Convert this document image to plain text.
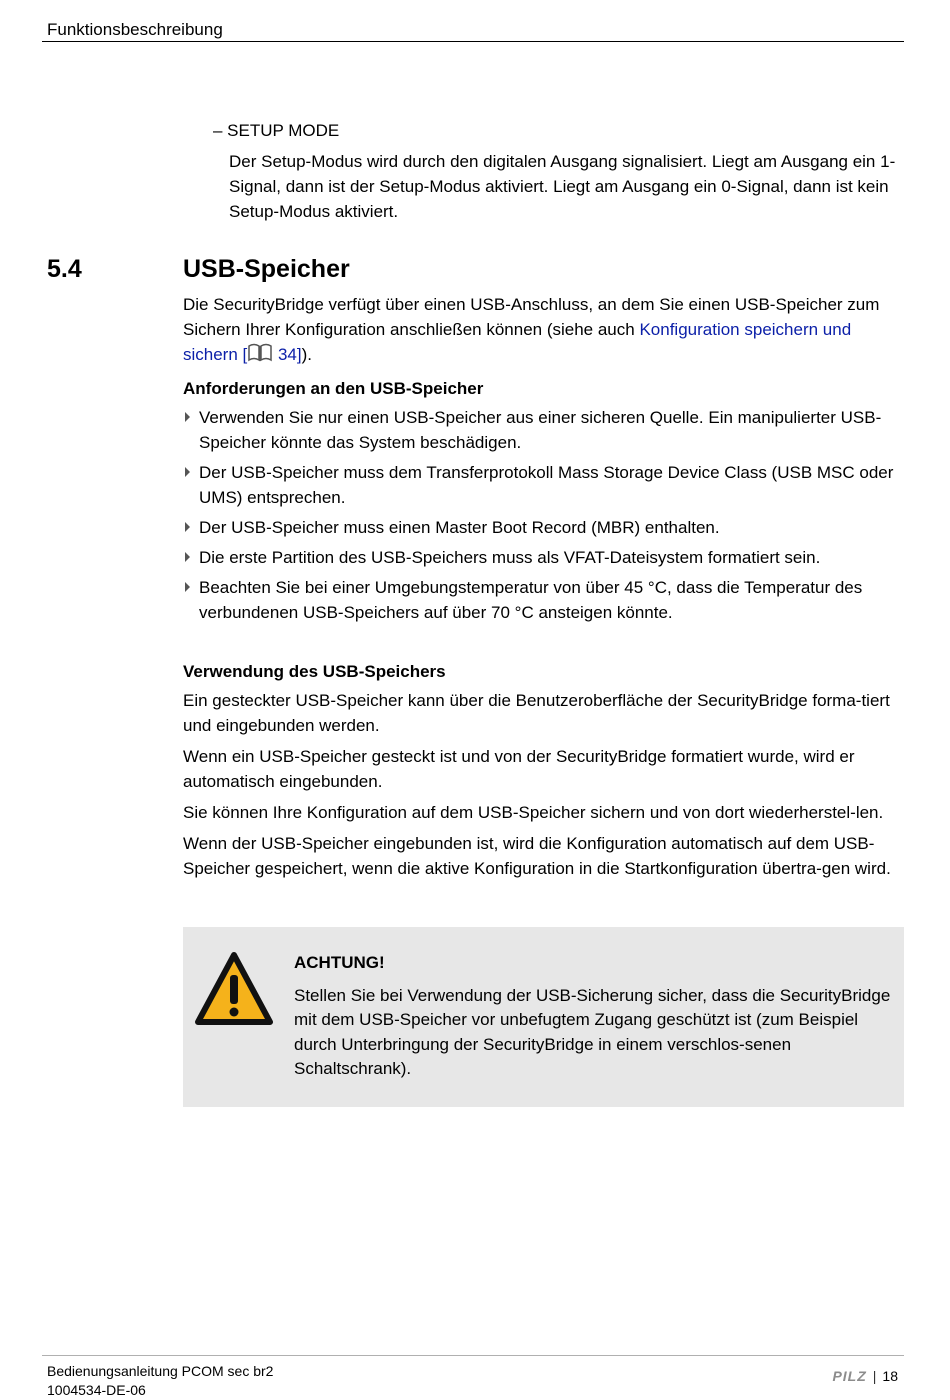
Funktionsbeschreibung
– SETUP MODE
Der Setup-Modus wird durch den digitalen Ausgang signalisiert. Liegt am Ausgang ein 1-Signal, dann ist der Setup-Modus aktiviert. Liegt am Ausgang ein 0-Signal, dann ist kein Setup-Modus aktiviert.
5.4	USB-Speicher

Die SecurityBridge verfügt über einen USB-Anschluss, an dem Sie einen USB-Speicher zum Sichern Ihrer Konfiguration anschließen können (siehe auch Konfiguration speichern und sichern [ 34]).

Anforderungen an den USB-Speicher
Verwenden Sie nur einen USB-Speicher aus einer sicheren Quelle. Ein manipulierter USB-Speicher könnte das System beschädigen.
Der USB-Speicher muss dem Transferprotokoll Mass Storage Device Class (USB MSC oder UMS) entsprechen.
Der USB-Speicher muss einen Master Boot Record (MBR) enthalten.
Die erste Partition des USB-Speichers muss als VFAT-Dateisystem formatiert sein.
Beachten Sie bei einer Umgebungstemperatur von über 45 °C, dass die Temperatur des verbundenen USB-Speichers auf über 70 °C ansteigen könnte.
Verwendung des USB-Speichers

Ein gesteckter USB-Speicher kann über die Benutzeroberfläche der SecurityBridge forma-tiert und eingebunden werden.

Wenn ein USB-Speicher gesteckt ist und von der SecurityBridge formatiert wurde, wird er automatisch eingebunden.

Sie können Ihre Konfiguration auf dem USB-Speicher sichern und von dort wiederherstel-len.

Wenn der USB-Speicher eingebunden ist, wird die Konfiguration automatisch auf dem USB-Speicher gespeichert, wenn die aktive Konfiguration in die Startkonfiguration übertra-gen wird.

ACHTUNG!
Stellen Sie bei Verwendung der USB-Sicherung sicher, dass die SecurityBridge mit dem USB-Speicher vor unbefugtem Zugang geschützt ist (zum Beispiel durch Unterbringung der SecurityBridge in einem verschlos-senen Schaltschrank).
Bedienungsanleitung PCOM sec br2
1004534-DE-06
PILZ | 18
